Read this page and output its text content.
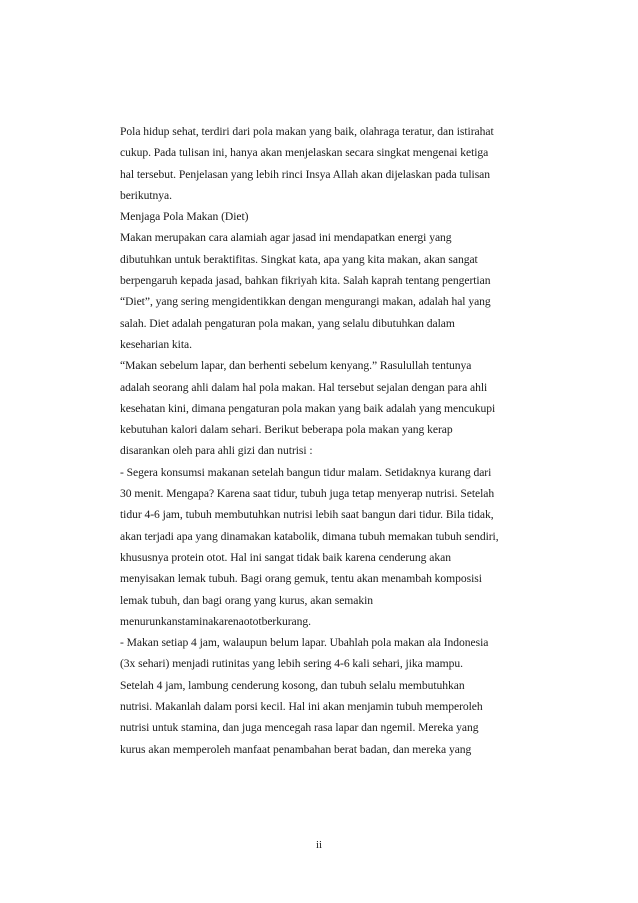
Pola hidup sehat, terdiri dari pola makan yang baik, olahraga teratur, dan istirahat
cukup. Pada tulisan ini, hanya akan menjelaskan secara singkat mengenai ketiga
hal tersebut. Penjelasan yang lebih rinci Insya Allah akan dijelaskan pada tulisan
berikutnya.
Menjaga Pola Makan (Diet)
Makan merupakan cara alamiah agar jasad ini mendapatkan energi yang
dibutuhkan untuk beraktifitas. Singkat kata, apa yang kita makan, akan sangat
berpengaruh kepada jasad, bahkan fikriyah kita. Salah kaprah tentang pengertian
“Diet”, yang sering mengidentikkan dengan mengurangi makan, adalah hal yang
salah. Diet adalah pengaturan pola makan, yang selalu dibutuhkan dalam
keseharian kita.
“Makan sebelum lapar, dan berhenti sebelum kenyang.” Rasulullah tentunya
adalah seorang ahli dalam hal pola makan. Hal tersebut sejalan dengan para ahli
kesehatan kini, dimana pengaturan pola makan yang baik adalah yang mencukupi
kebutuhan kalori dalam sehari. Berikut beberapa pola makan yang kerap
disarankan oleh para ahli gizi dan nutrisi :
- Segera konsumsi makanan setelah bangun tidur malam. Setidaknya kurang dari
30 menit. Mengapa? Karena saat tidur, tubuh juga tetap menyerap nutrisi. Setelah
tidur 4-6 jam, tubuh membutuhkan nutrisi lebih saat bangun dari tidur. Bila tidak,
akan terjadi apa yang dinamakan katabolik, dimana tubuh memakan tubuh sendiri,
khususnya protein otot. Hal ini sangat tidak baik karena cenderung akan
menyisakan lemak tubuh. Bagi orang gemuk, tentu akan menambah komposisi
lemak tubuh, dan bagi orang yang kurus, akan semakin
menurunkanstaminakarenaototberkurang.
- Makan setiap 4 jam, walaupun belum lapar. Ubahlah pola makan ala Indonesia
(3x sehari) menjadi rutinitas yang lebih sering 4-6 kali sehari, jika mampu.
Setelah 4 jam, lambung cenderung kosong, dan tubuh selalu membutuhkan
nutrisi. Makanlah dalam porsi kecil. Hal ini akan menjamin tubuh memperoleh
nutrisi untuk stamina, dan juga mencegah rasa lapar dan ngemil. Mereka yang
kurus akan memperoleh manfaat penambahan berat badan, dan mereka yang
ii
